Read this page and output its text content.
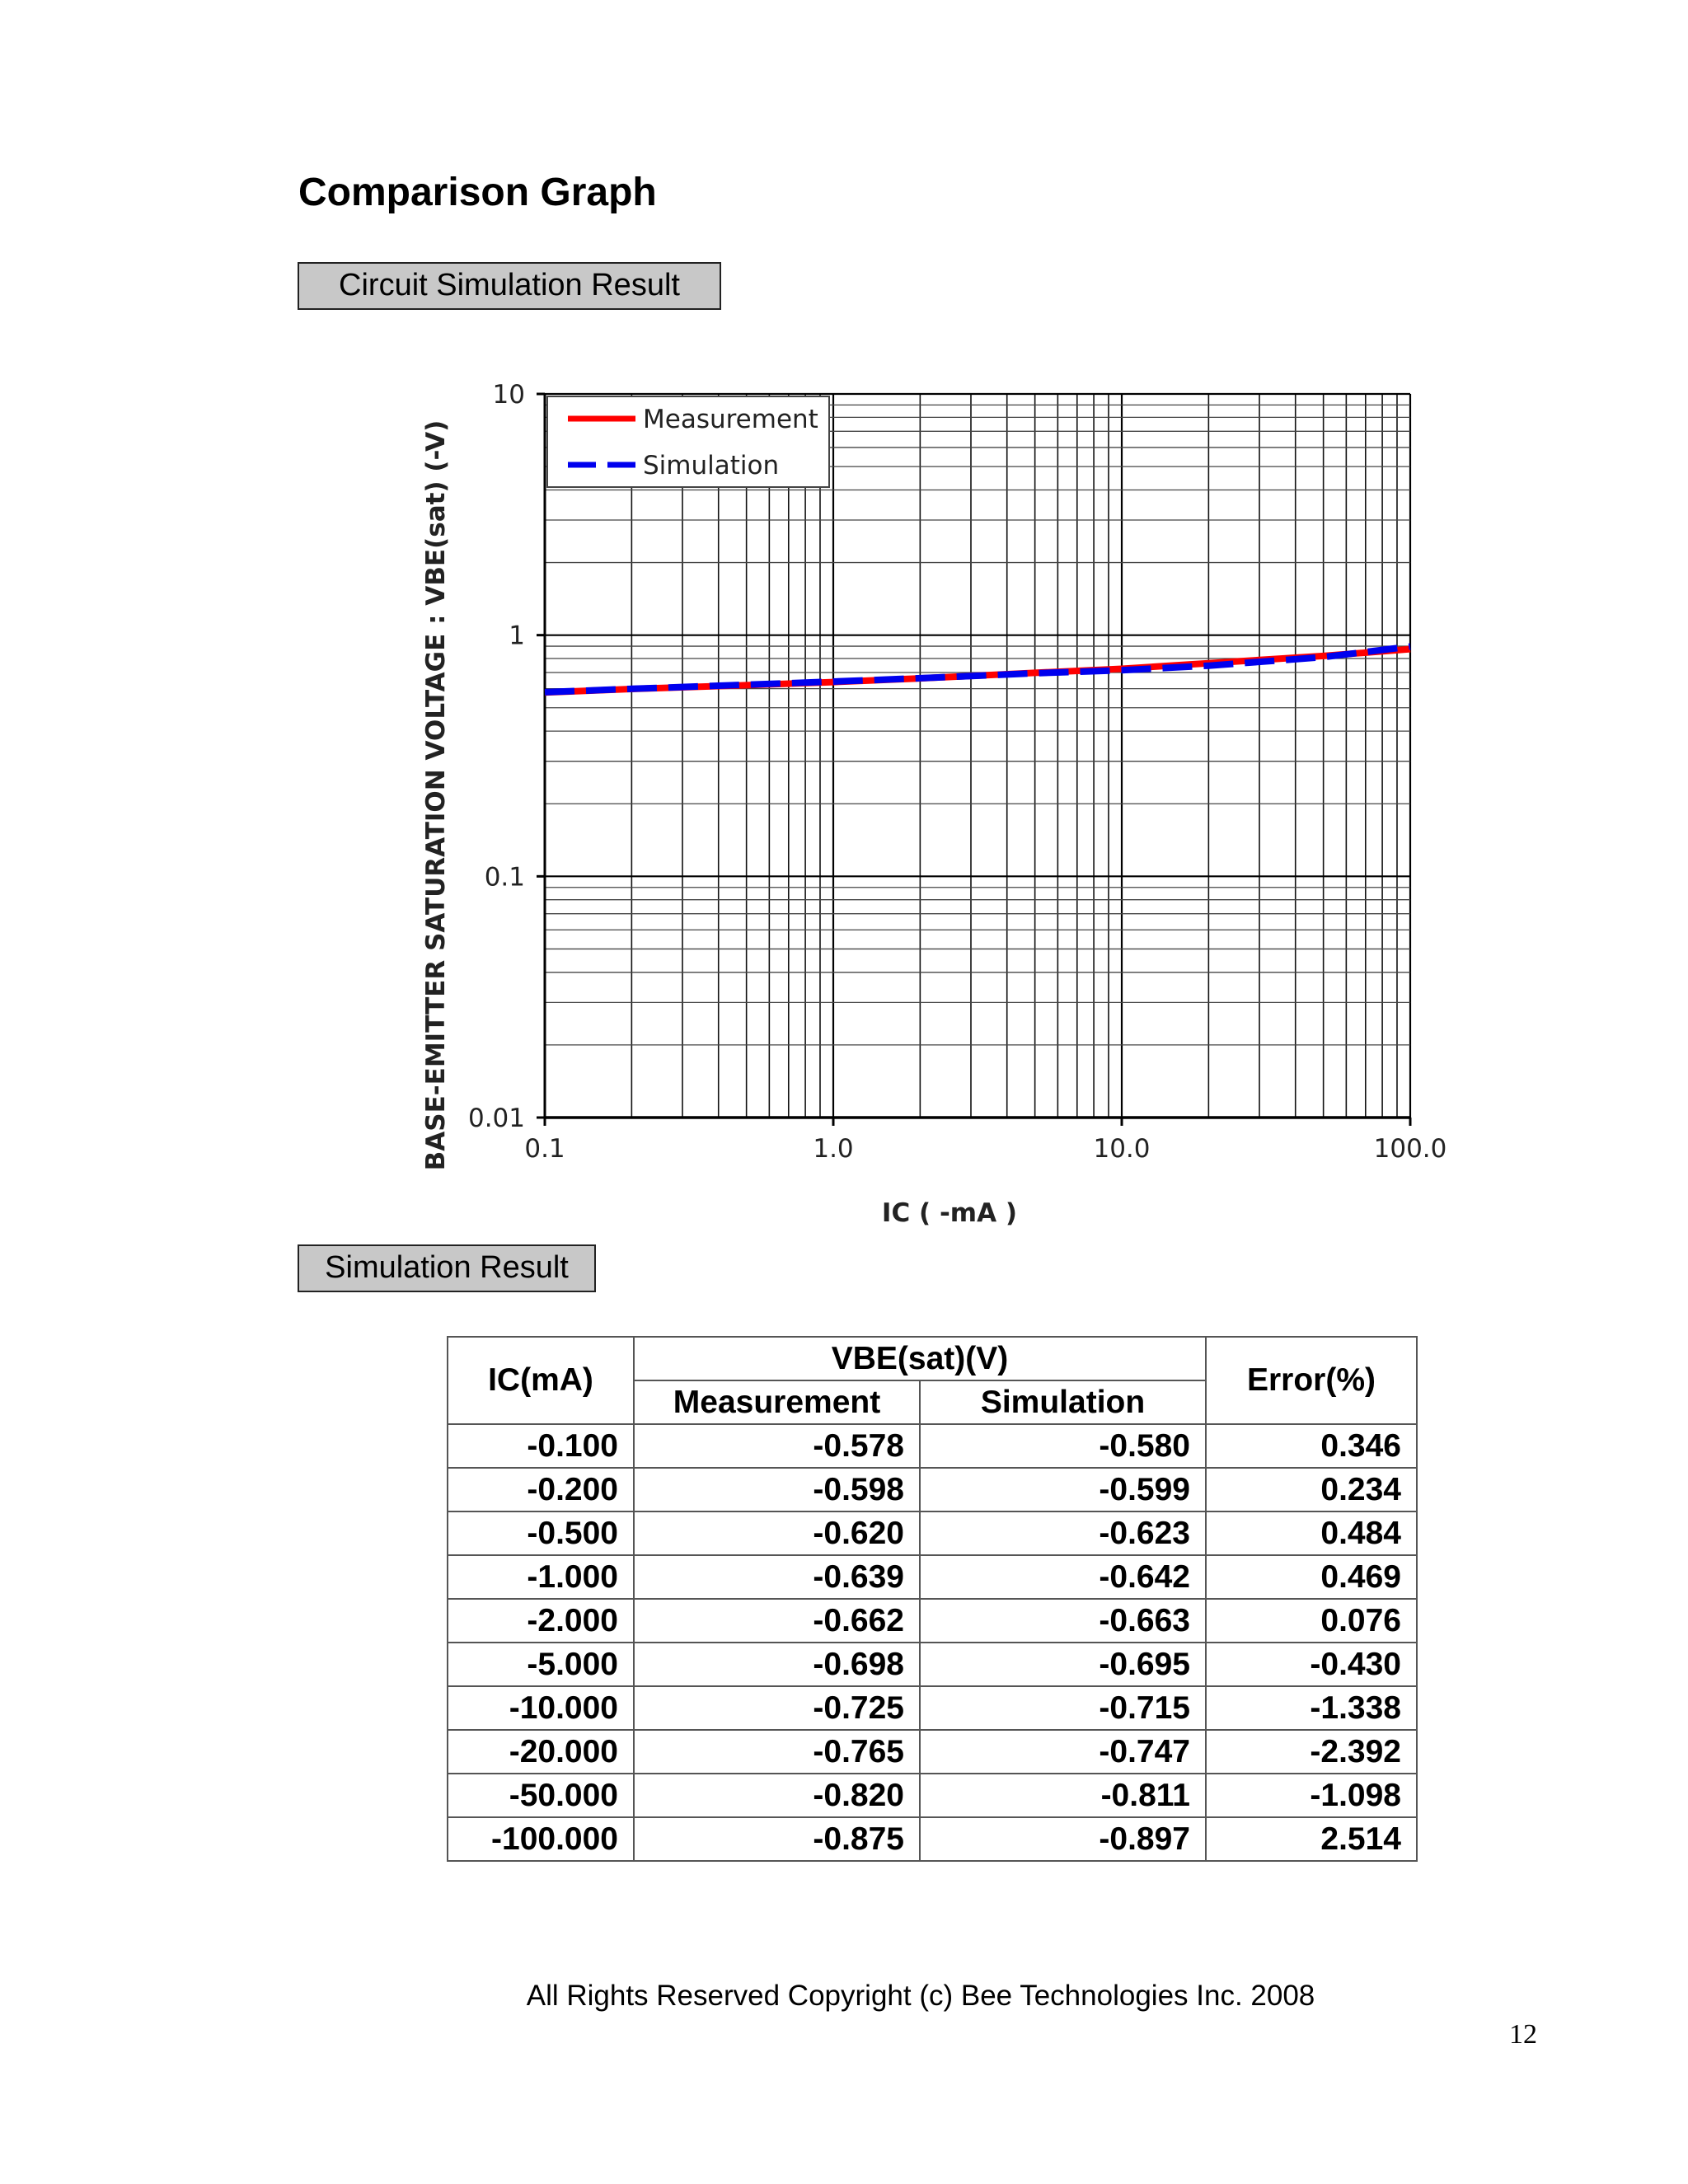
Comparison Graph
Circuit Simulation Result
0.1	1.0	10.0	100.0
0.01
0.1
1
10
BASE-EMITTER SATURATION VOLTAGE : VBE(sat) (-V)
IC ( -mA )
Measurement
Simulation
Simulation Result
IC(mA)	VBE(sat)(V)		Error(%)
	Measurement	Simulation	
-0.100	-0.578	-0.580	0.346
-0.200	-0.598	-0.599	0.234
-0.500	-0.620	-0.623	0.484
-1.000	-0.639	-0.642	0.469
-2.000	-0.662	-0.663	0.076
-5.000	-0.698	-0.695	-0.430
-10.000	-0.725	-0.715	-1.338
-20.000	-0.765	-0.747	-2.392
-50.000	-0.820	-0.811	-1.098
-100.000	-0.875	-0.897	2.514
All Rights Reserved Copyright (c) Bee Technologies Inc. 2008
12
